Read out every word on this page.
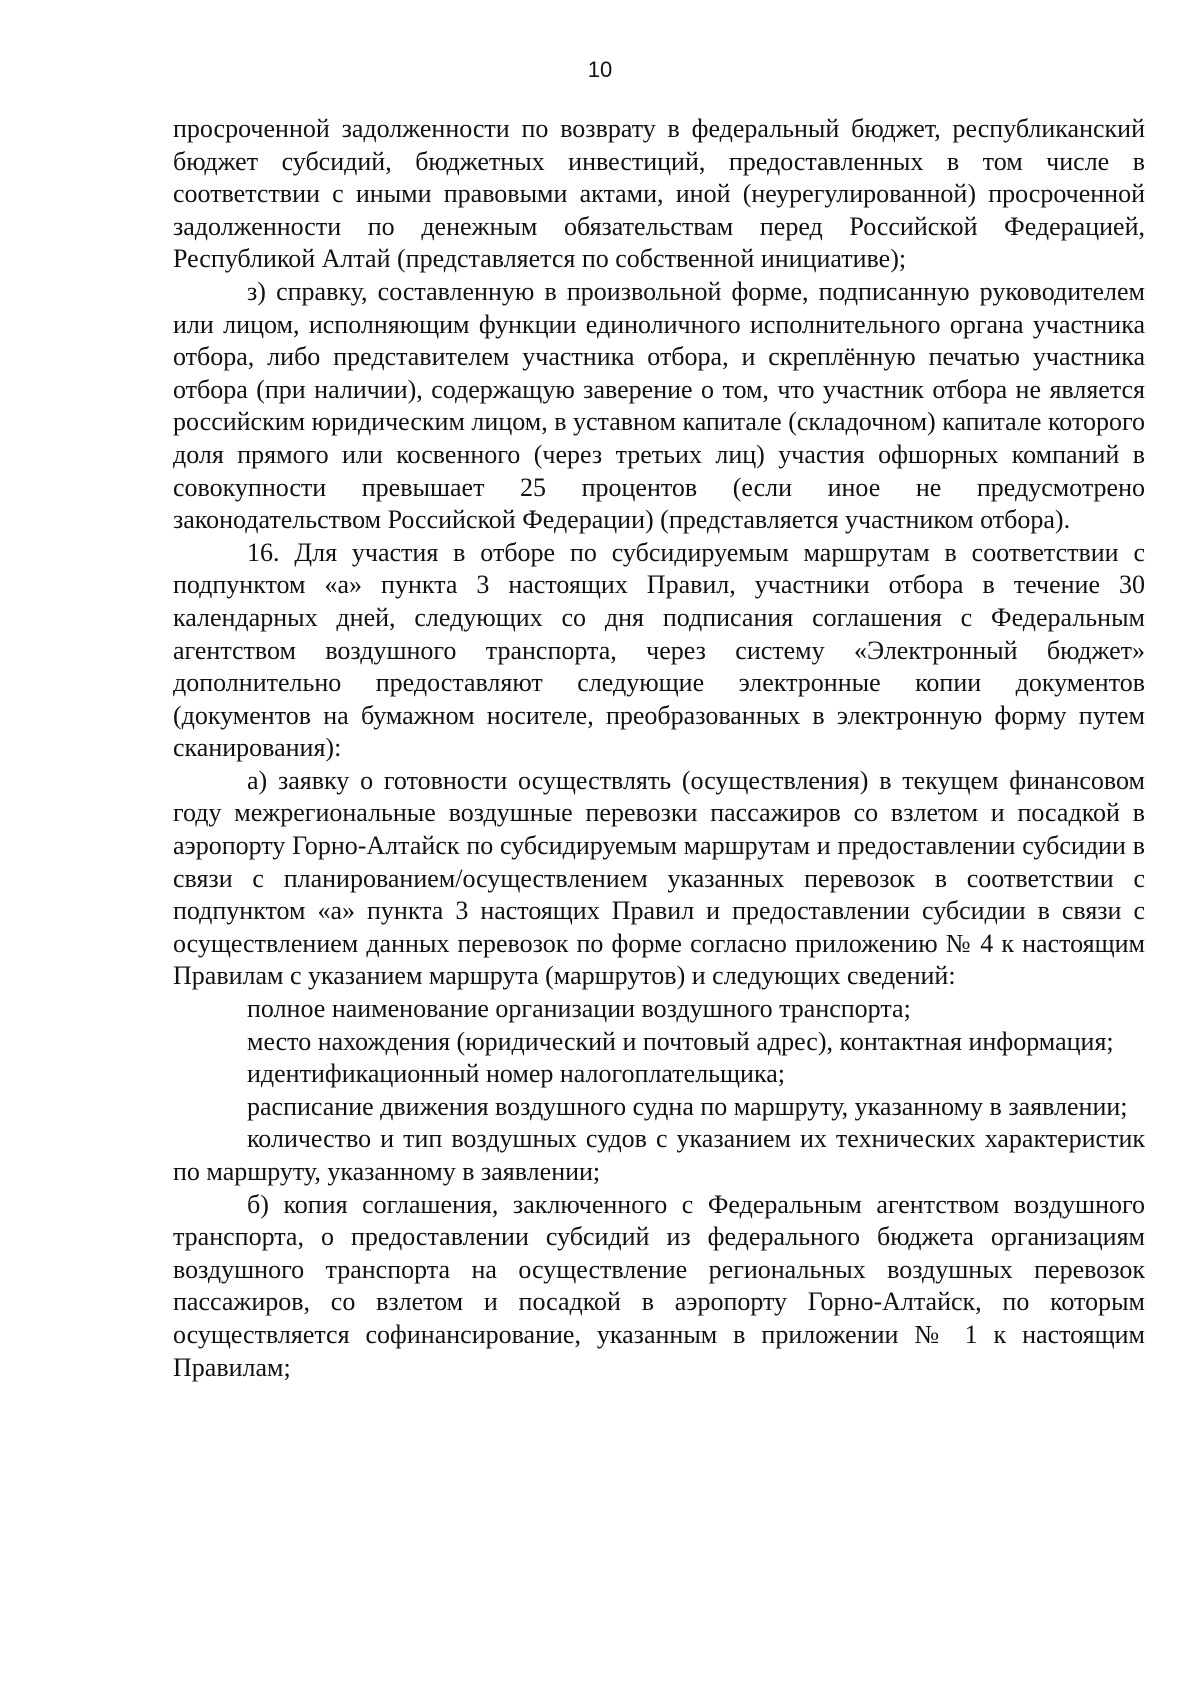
10

просроченной задолженности по возврату в федеральный бюджет, республиканский бюджет субсидий, бюджетных инвестиций, предоставленных в том числе в соответствии с иными правовыми актами, иной (неурегулированной) просроченной задолженности по денежным обязательствам перед Российской Федерацией, Республикой Алтай (представляется по собственной инициативе);

з) справку, составленную в произвольной форме, подписанную руководителем или лицом, исполняющим функции единоличного исполнительного органа участника отбора, либо представителем участника отбора, и скреплённую печатью участника отбора (при наличии), содержащую заверение о том, что участник отбора не является российским юридическим лицом, в уставном капитале (складочном) капитале которого доля прямого или косвенного (через третьих лиц) участия офшорных компаний в совокупности превышает 25 процентов (если иное не предусмотрено законодательством Российской Федерации) (представляется участником отбора).

16. Для участия в отборе по субсидируемым маршрутам в соответствии с подпунктом «а» пункта 3 настоящих Правил, участники отбора в течение 30 календарных дней, следующих со дня подписания соглашения с Федеральным агентством воздушного транспорта, через систему «Электронный бюджет» дополнительно предоставляют следующие электронные копии документов (документов на бумажном носителе, преобразованных в электронную форму путем сканирования):

а) заявку о готовности осуществлять (осуществления) в текущем финансовом году межрегиональные воздушные перевозки пассажиров со взлетом и посадкой в аэропорту Горно-Алтайск по субсидируемым маршрутам и предоставлении субсидии в связи с планированием/осуществлением указанных перевозок в соответствии с подпунктом «а» пункта 3 настоящих Правил и предоставлении субсидии в связи с осуществлением данных перевозок по форме согласно приложению № 4 к настоящим Правилам с указанием маршрута (маршрутов) и следующих сведений:

полное наименование организации воздушного транспорта;

место нахождения (юридический и почтовый адрес), контактная информация;

идентификационный номер налогоплательщика;

расписание движения воздушного судна по маршруту, указанному в заявлении;

количество и тип воздушных судов с указанием их технических характеристик по маршруту, указанному в заявлении;

б) копия соглашения, заключенного с Федеральным агентством воздушного транспорта, о предоставлении субсидий из федерального бюджета организациям воздушного транспорта на осуществление региональных воздушных перевозок пассажиров, со взлетом и посадкой в аэропорту Горно-Алтайск, по которым осуществляется софинансирование, указанным в приложении № 1 к настоящим Правилам;
